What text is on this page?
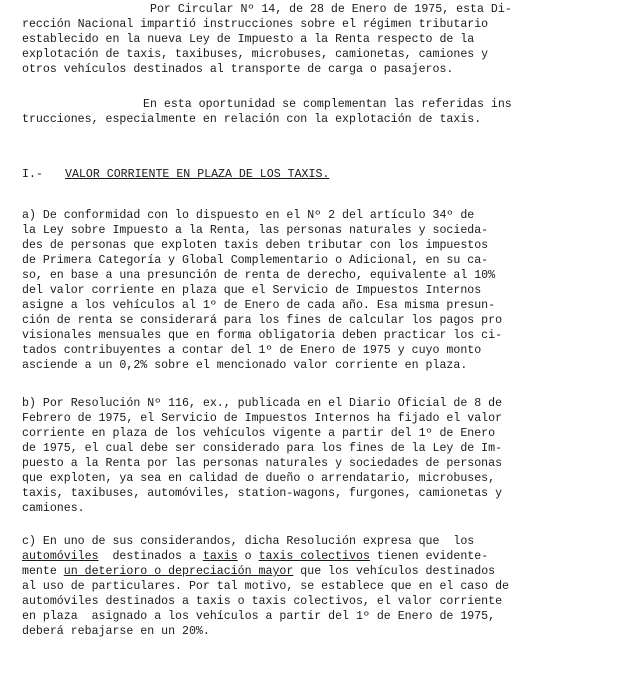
Por Circular Nº 14, de 28 de Enero de 1975, esta Di-
rección Nacional impartió instrucciones sobre el régimen tributario
establecido en la nueva Ley de Impuesto a la Renta respecto de la
explotación de taxis, taxibuses, microbuses, camionetas, camiones y
otros vehículos destinados al transporte de carga o pasajeros.
En esta oportunidad se complementan las referidas ins
trucciones, especialmente en relación con la explotación de taxis.
I.- VALOR CORRIENTE EN PLAZA DE LOS TAXIS.
a) De conformidad con lo dispuesto en el Nº 2 del artículo 34º de
la Ley sobre Impuesto a la Renta, las personas naturales y socieda-
des de personas que exploten taxis deben tributar con los impuestos
de Primera Categoría y Global Complementario o Adicional, en su ca-
so, en base a una presunción de renta de derecho, equivalente al 10%
del valor corriente en plaza que el Servicio de Impuestos Internos
asigne a los vehículos al 1º de Enero de cada año. Esa misma presun-
ción de renta se considerará para los fines de calcular los pagos pro
visionales mensuales que en forma obligatoria deben practicar los ci-
tados contribuyentes a contar del 1º de Enero de 1975 y cuyo monto
asciende a un 0,2% sobre el mencionado valor corriente en plaza.
b) Por Resolución Nº 116, ex., publicada en el Diario Oficial de 8 de
Febrero de 1975, el Servicio de Impuestos Internos ha fijado el valor
corriente en plaza de los vehículos vigente a partir del 1º de Enero
de 1975, el cual debe ser considerado para los fines de la Ley de Im-
puesto a la Renta por las personas naturales y sociedades de personas
que exploten, ya sea en calidad de dueño o arrendatario, microbuses,
taxis, taxibuses, automóviles, station-wagons, furgones, camionetas y
camiones.
c) En uno de sus considerandos, dicha Resolución expresa que  los
automóviles  destinados a taxis o taxis colectivos tienen evidente-
mente un deterioro o depreciación mayor que los vehículos destinados
al uso de particulares. Por tal motivo, se establece que en el caso de
automóviles destinados a taxis o taxis colectivos, el valor corriente
en plaza  asignado a los vehículos a partir del 1º de Enero de 1975,
deberá rebajarse en un 20%.
